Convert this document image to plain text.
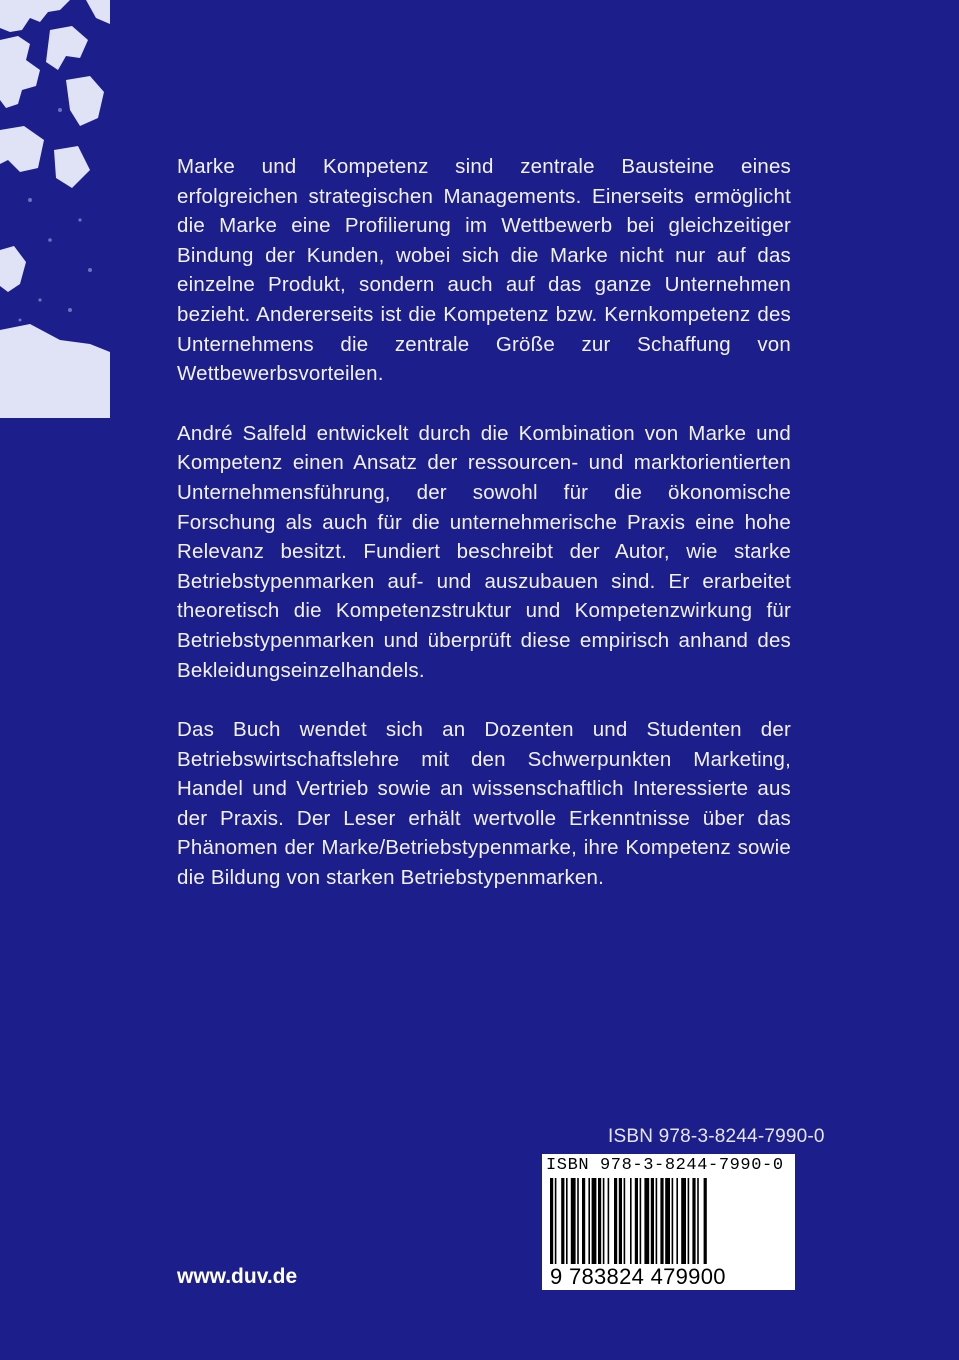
Marke und Kompetenz sind zentrale Bausteine eines erfolgreichen strategischen Managements. Einerseits ermöglicht die Marke eine Profilierung im Wettbewerb bei gleichzeitiger Bindung der Kunden, wobei sich die Marke nicht nur auf das einzelne Produkt, sondern auch auf das ganze Unternehmen bezieht. Andererseits ist die Kompetenz bzw. Kernkompetenz des Unternehmens die zentrale Größe zur Schaffung von Wettbewerbsvorteilen.

André Salfeld entwickelt durch die Kombination von Marke und Kompetenz einen Ansatz der ressourcen- und marktorientierten Unternehmensführung, der sowohl für die ökonomische Forschung als auch für die unternehmerische Praxis eine hohe Relevanz besitzt. Fundiert beschreibt der Autor, wie starke Betriebstypenmarken auf- und auszubauen sind. Er erarbeitet theoretisch die Kompetenzstruktur und Kompetenzwirkung für Betriebstypenmarken und überprüft diese empirisch anhand des Bekleidungseinzelhandels.

Das Buch wendet sich an Dozenten und Studenten der Betriebswirtschaftslehre mit den Schwerpunkten Marketing, Handel und Vertrieb sowie an wissenschaftlich Interessierte aus der Praxis. Der Leser erhält wertvolle Erkenntnisse über das Phänomen der Marke/Betriebstypenmarke, ihre Kompetenz sowie die Bildung von starken Betriebstypenmarken.

ISBN 978-3-8244-7990-0
ISBN 978-3-8244-7990-0
9 783824 479900
www.duv.de
